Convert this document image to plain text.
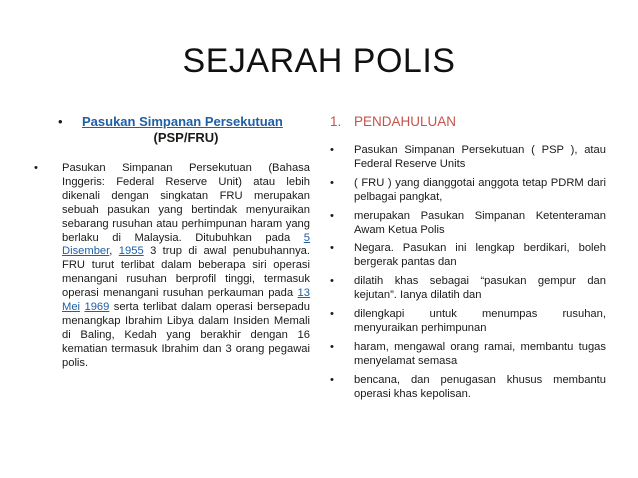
SEJARAH POLIS
• Pasukan Simpanan Persekutuan
(PSP/FRU)
• Pasukan Simpanan Persekutuan (Bahasa Inggeris: Federal Reserve Unit) atau lebih dikenali dengan singkatan FRU merupakan sebuah pasukan yang bertindak menyuraikan sebarang rusuhan atau perhimpunan haram yang berlaku di Malaysia. Ditubuhkan pada 5 Disember, 1955 3 trup di awal penubuhannya. FRU turut terlibat dalam beberapa siri operasi menangani rusuhan berprofil tinggi, termasuk operasi menangani rusuhan perkauman pada 13 Mei 1969 serta terlibat dalam operasi bersepadu menangkap Ibrahim Libya dalam Insiden Memali di Baling, Kedah yang berakhir dengan 16 kematian termasuk Ibrahim dan 3 orang pegawai polis.
1. PENDAHULUAN
• Pasukan Simpanan Persekutuan ( PSP ), atau Federal Reserve Units
• ( FRU ) yang dianggotai anggota tetap PDRM dari pelbagai pangkat,
• merupakan Pasukan Simpanan Ketenteraman Awam Ketua Polis
• Negara. Pasukan ini lengkap berdikari, boleh bergerak pantas dan
• dilatih khas sebagai “pasukan gempur dan kejutan”. Ianya dilatih dan
• dilengkapi untuk menumpas rusuhan, menyuraikan perhimpunan
• haram, mengawal orang ramai, membantu tugas menyelamat semasa
• bencana, dan penugasan khusus membantu operasi khas kepolisan.
